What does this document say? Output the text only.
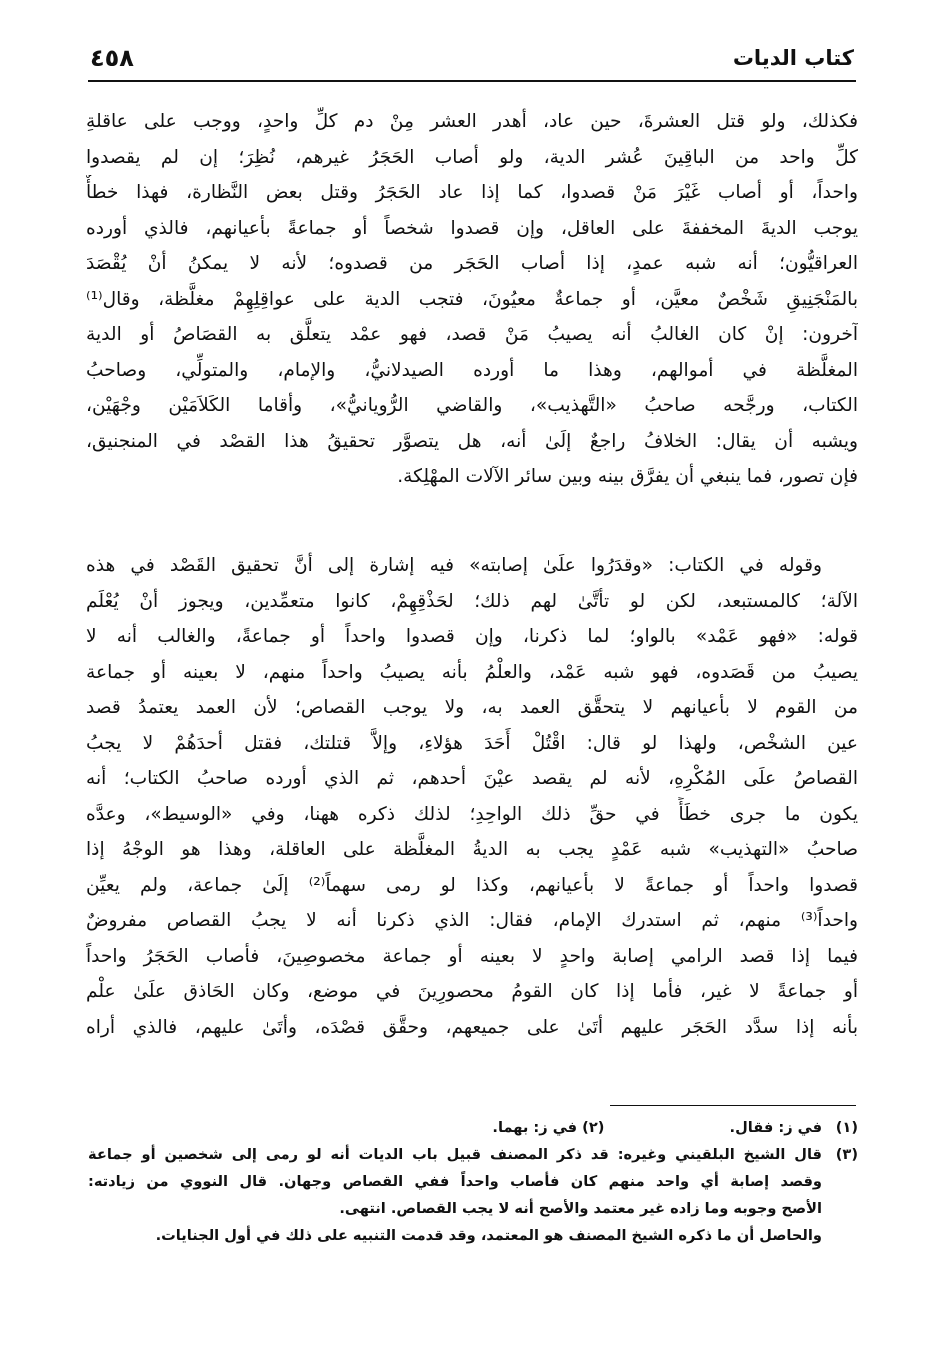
كتاب الديات
٤٥٨
فكذلك، ولو قتل العشرةَ، حين عاد، أهدر العشر مِنْ دم كلِّ واحدٍ، ووجب على عاقلةِ
كلِّ واحد من الباقِينَ عُشر الدية، ولو أصاب الحَجَرُ غيرهم، نُظِرَ؛ إن لم يقصدوا
واحداً، أو أصاب غَيْرَ مَنْ قصدوا، كما إذا عاد الحَجَرُ وقتل بعض النَّظارة، فهذا خطأٌ
يوجب الديةَ المخففةَ على العاقل، وإن قصدوا شخصاً أو جماعةً بأعيانهم، فالذي أورده
العراقيُّون؛ أنه شبه عمدٍ، إذا أصاب الحَجَر من قصدوه؛ لأنه لا يمكنُ أنْ يُقْصَدَ
بالمَنْجَنِيقِ شَخْصٌ معيَّن، أو جماعةٌ معيُونَ، فتجب الدية على عواقِلِهِمْ مغلَّظة، وقال⁽¹⁾
آخرون: إنْ كان الغالبُ أنه يصيبُ مَنْ قصد، فهو عمْد يتعلَّق به القصَاصُ أو الدية
المغلَّظة في أموالهم، وهذا ما أورده الصيدلانيُّ، والإمام، والمتولِّي، وصاحبُ
الكتاب، ورجَّحه صاحبُ «التَّهذيب»، والقاضي الرُّويانيُّ»، وأقاما الكَلاَمَيْن وجْهَيْن،
ويشبه أن يقال: الخلافُ راجعٌ إلَىٰ أنه، هل يتصوَّر تحقيقُ هذا القصْد في المنجنيق،
فإن تصور، فما ينبغي أن يفرَّق بينه وبين سائر الآلات المهْلِكة.
وقوله في الكتاب: «وقدَرُوا علَىٰ إصابته» فيه إشارة إلى أنَّ تحقيق القَصْد في هذه
الآلة؛ كالمستبعد، لكن لو تأتَّىٰ لهم ذلك؛ لحَذْقِهِمْ، كانوا متعمِّدين، ويجوز أنْ يُعْلَم
قوله: «فهو عَمْد» بالواو؛ لما ذكرنا، وإن قصدوا واحداً أو جماعةً، والغالب أنه لا
يصيبُ من قَصَدوه، فهو شبه عَمْد، والعلْمُ بأنه يصيبُ واحداً منهم، لا بعينه أو جماعة
من القوم لا بأعيانهم لا يتحقَّق العمد به، ولا يوجب القصاص؛ لأن العمد يعتمدُ قصد
عين الشخْص، ولهذا لو قال: اقْتُلْ أَحَدَ هؤلاءِ، وإلاَّ قتلتك، فقتل أحدَهُمْ لا يجبُ
القصاصُ علَى المُكْرِهِ، لأنه لم يقصد عيْنَ أحدهم، ثم الذي أورده صاحبُ الكتاب؛ أنه
يكون ما جرى خطَأً في حقِّ ذلك الواحِدِ؛ لذلك ذكره ههنا، وفي «الوسيط»، وعدَّه
صاحبُ «التهذيب» شبه عَمْدٍ يجب به الديةُ المغلَّظة على العاقلة، وهذا هو الوجْهُ إذا
قصدوا واحداً أو جماعةً لا بأعيانهم، وكذا لو رمى سهماً⁽²⁾ إلَىٰ جماعة، ولم يعيِّن
واحداً⁽³⁾ منهم، ثم استدرك الإمام، فقال: الذي ذكرنا أنه لا يجبُ القصاص مفروضٌ
فيما إذا قصد الرامي إصابة واحدٍ لا بعينه أو جماعة مخصوصِينَ، فأصاب الحَجَرُ واحداً
أو جماعةً لا غير، فأما إذا كان القومُ محصورِينَ في موضع، وكان الحَاذق علَىٰ علْم
بأنه إذا سدَّد الحَجَر عليهم أتَىٰ على جميعهم، وحقَّق قصْدَه، وأتَىٰ عليهم، فالذي أراه
(١)
في ز: فقال. (٢) في ز: بهما.
(٣)
قال الشيخ البلقيني وغيره: قد ذكر المصنف قبيل باب الديات أنه لو رمى إلى شخصين أو جماعة
وقصد إصابة أي واحد منهم كان فأصاب واحداً ففي القصاص وجهان. قال النووي من زيادته:
الأصح وجوبه وما زاده غير معتمد والأصح أنه لا يجب القصاص. انتهى.
والحاصل أن ما ذكره الشيخ المصنف هو المعتمد، وقد قدمت التنبيه على ذلك في أول الجنايات.
